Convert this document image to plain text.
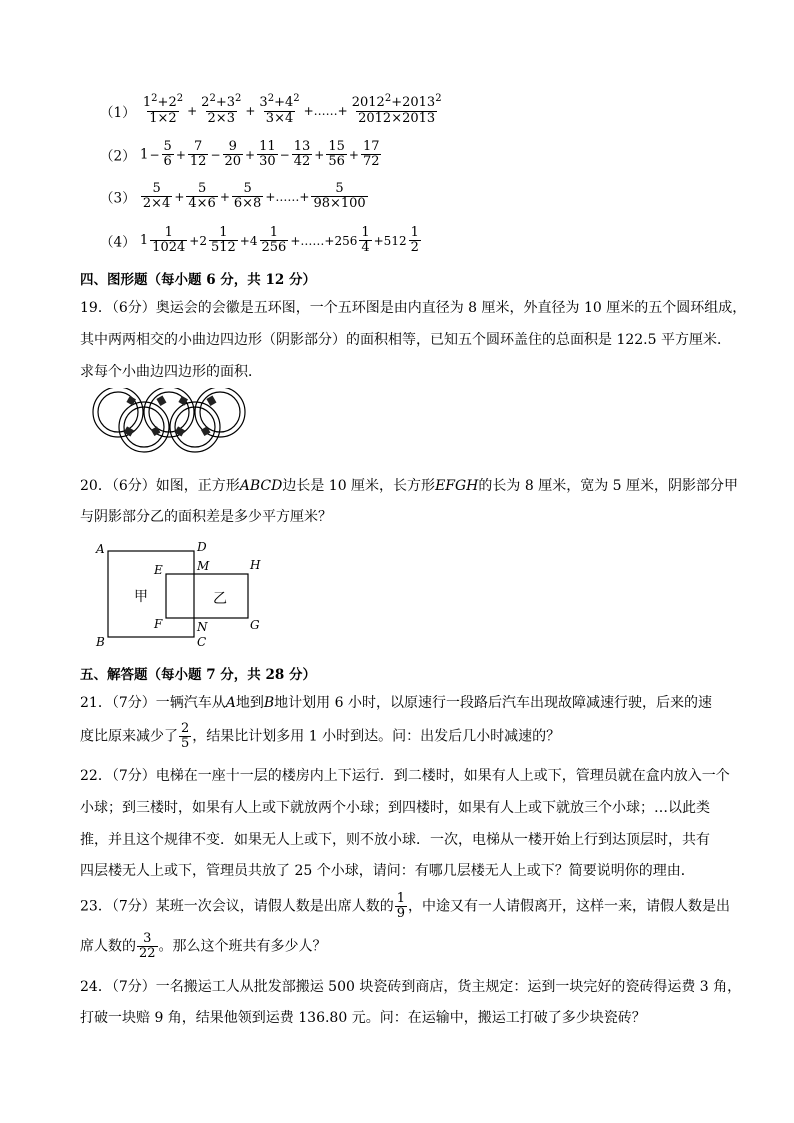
$(1) \frac{1^2+2^2}{1\times 2} + \frac{2^2+3^2}{2\times 3} + \frac{3^2+4^2}{3\times 4}$ +……+ $\frac{2012^2+2013^2}{2012\times 2013}$
（2） $1- \frac{5}{6} + \frac{7}{12} - \frac{9}{20} + \frac{11}{30} - \frac{13}{42} + \frac{15}{56} + \frac{17}{72}$
$(3) \frac{5}{2\times 4} + \frac{5}{4\times 6} + \frac{5}{6\times 8}$ +……+ $\frac{5}{98\times 100}$
（4） $1 \frac{1}{1024} +2 \frac{1}{512} +4 \frac{1}{256}$ +……+256 $\frac{1}{4} +512 \frac{1}{2}$
四、图形题（每小题 6 分，共 12 分）
19．（6分）奥运会的会徽是五环图，一个五环图是由内直径为 8 厘米，外直径为 10 厘米的五个圆环组成，
其中两两相交的小曲边四边形（阴影部分）的面积相等，已知五个圆环盖住的总面积是 122.5 平方厘米．
求每个小曲边四边形的面积．
20．（6分）如图，正方形ABCD边长是 10 厘米，长方形EFGH的长为 8 厘米，宽为 5 厘米，阴影部分甲
与阴影部分乙的面积差是多少平方厘米？
A
B	C
D
E
F	G
H
M
N
甲	乙
五、解答题（每小题 7 分，共 28 分）
21．（7分）一辆汽车从A地到B地计划用 6 小时，以原速行一段路后汽车出现故障减速行驶，后来的速
度比原来减少了 $\frac{2}{5}$ ，结果比计划多用 1 小时到达。问：出发后几小时减速的？
22．（7分）电梯在一座十一层的楼房内上下运行．到二楼时，如果有人上或下，管理员就在盒内放入一个
小球；到三楼时，如果有人上或下就放两个小球；到四楼时，如果有人上或下就放三个小球；…以此类
推，并且这个规律不变．如果无人上或下，则不放小球．一次，电梯从一楼开始上行到达顶层时，共有
四层楼无人上或下，管理员共放了 25 个小球，请问：有哪几层楼无人上或下？简要说明你的理由．
23．（7分）某班一次会议，请假人数是出席人数的 $\frac{1}{9}$ ，中途又有一人请假离开，这样一来，请假人数是出
席人数的 $\frac{3}{22}$ 。那么这个班共有多少人？
24．（7分）一名搬运工人从批发部搬运 500 块瓷砖到商店，货主规定：运到一块完好的瓷砖得运费 3 角，
打破一块赔 9 角，结果他领到运费 136.80 元。问：在运输中，搬运工打破了多少块瓷砖？
